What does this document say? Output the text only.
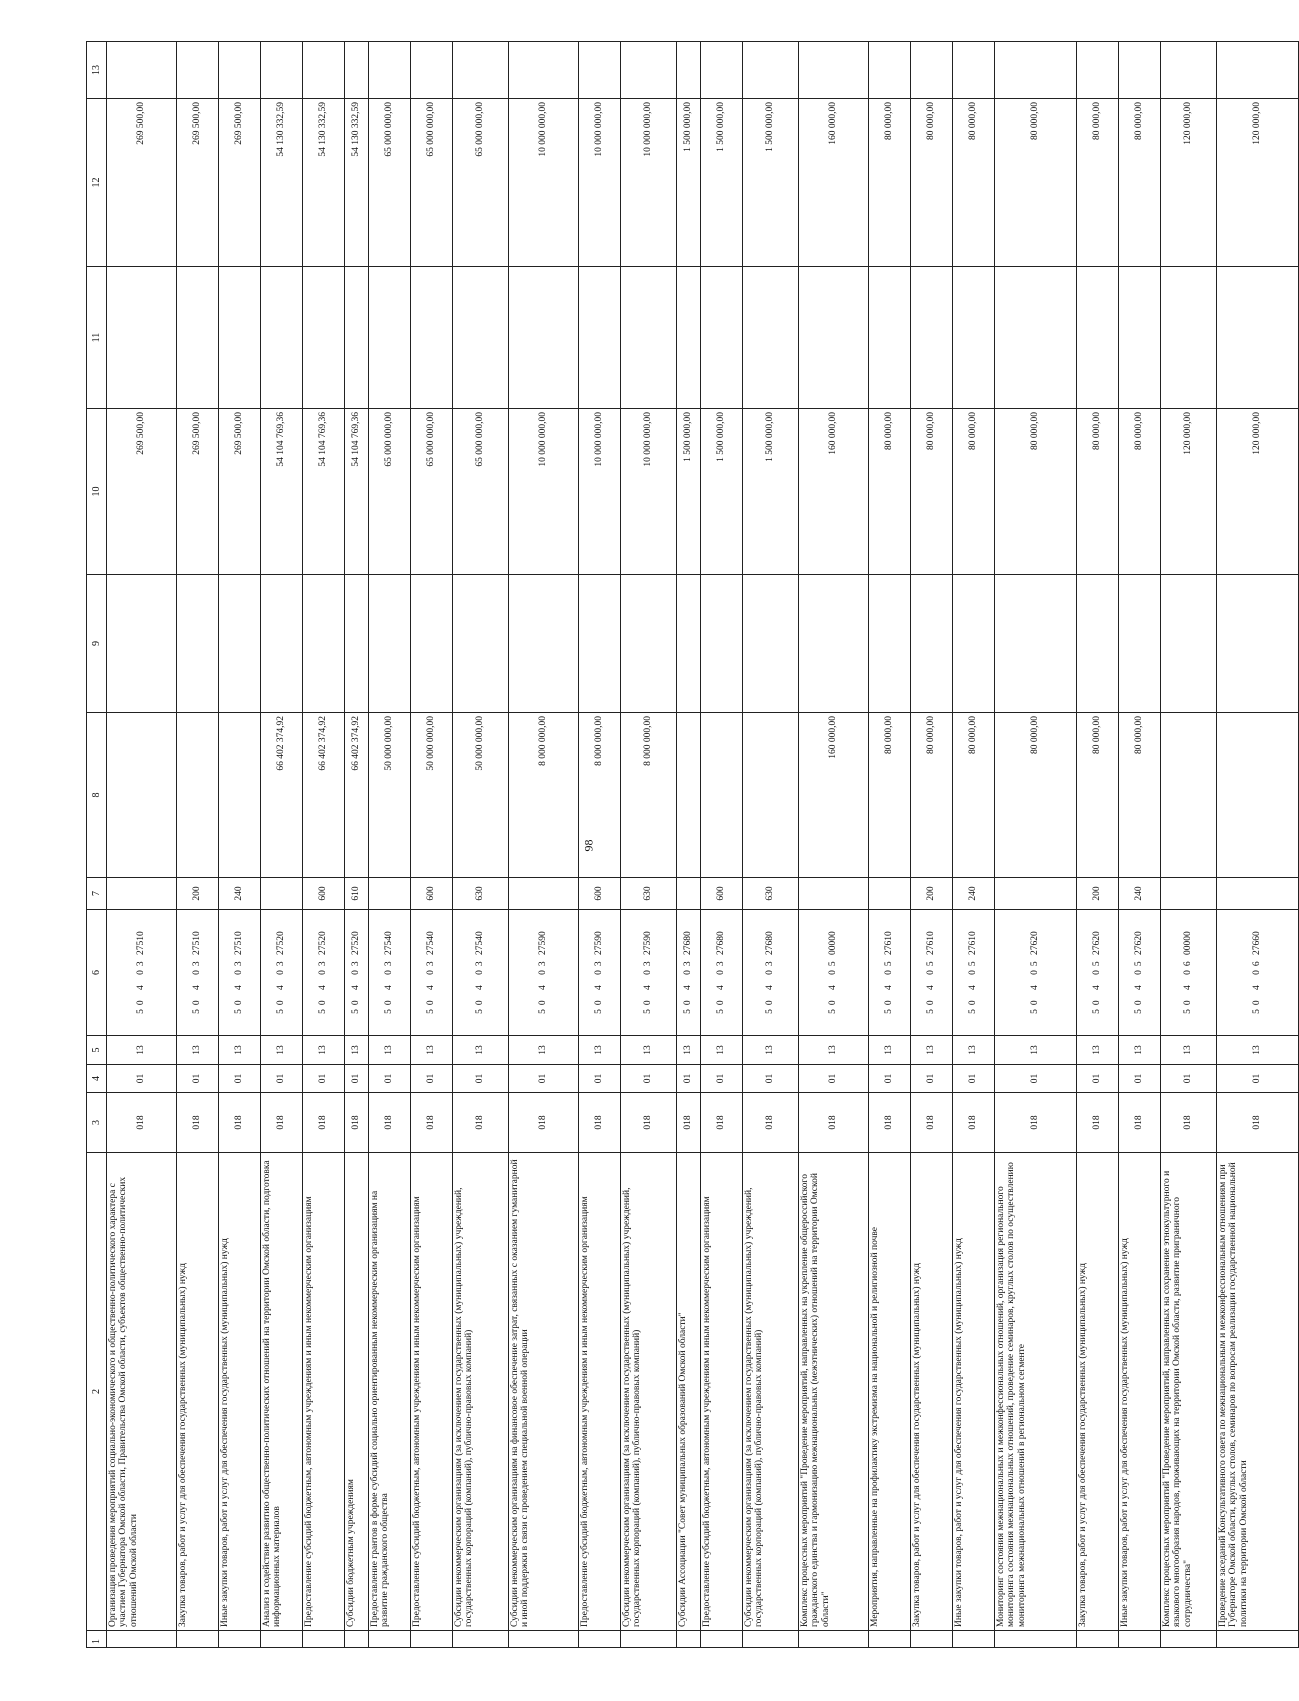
98
1	2	3	4	5	6	7	8	9	10	11	12	13
	Организация проведения мероприятий социально-экономического и общественно-политического характера с участием Губернатора Омской области, Правительства Омской области, субъектов общественно-политических отношений Омской области	018	01	13	50 4 03 27510				269 500,00		269 500,00	
	Закупка товаров, работ и услуг для обеспечения государственных (муниципальных) нужд	018	01	13	50 4 03 27510	200			269 500,00		269 500,00	
	Иные закупки товаров, работ и услуг для обеспечения государственных (муниципальных) нужд	018	01	13	50 4 03 27510	240			269 500,00		269 500,00	
	Анализ и содействие развитию общественно-политических отношений на территории Омской области, подготовка информационных материалов	018	01	13	50 4 03 27520		66 402 374,92		54 104 769,36		54 130 332,59	
	Предоставление субсидий бюджетным, автономным учреждениям и иным некоммерческим организациям	018	01	13	50 4 03 27520	600	66 402 374,92		54 104 769,36		54 130 332,59	
	Субсидии бюджетным учреждениям	018	01	13	50 4 03 27520	610	66 402 374,92		54 104 769,36		54 130 332,59	
	Предоставление грантов в форме субсидий социально ориентированным некоммерческим организациям на развитие гражданского общества	018	01	13	50 4 03 27540		50 000 000,00		65 000 000,00		65 000 000,00	
	Предоставление субсидий бюджетным, автономным учреждениям и иным некоммерческим организациям	018	01	13	50 4 03 27540	600	50 000 000,00		65 000 000,00		65 000 000,00	
	Субсидии некоммерческим организациям (за исключением государственных (муниципальных) учреждений, государственных корпораций (компаний), публично-правовых компаний)	018	01	13	50 4 03 27540	630	50 000 000,00		65 000 000,00		65 000 000,00	
	Субсидии некоммерческим организациям на финансовое обеспечение затрат, связанных с оказанием гуманитарной и иной поддержки в связи с проведением специальной военной операции	018	01	13	50 4 03 27590		8 000 000,00		10 000 000,00		10 000 000,00	
	Предоставление субсидий бюджетным, автономным учреждениям и иным некоммерческим организациям	018	01	13	50 4 03 27590	600	8 000 000,00		10 000 000,00		10 000 000,00	
	Субсидии некоммерческим организациям (за исключением государственных (муниципальных) учреждений, государственных корпораций (компаний), публично-правовых компаний)	018	01	13	50 4 03 27590	630	8 000 000,00		10 000 000,00		10 000 000,00	
	Субсидии Ассоциации "Совет муниципальных образований Омской области"	018	01	13	50 4 03 27680				1 500 000,00		1 500 000,00	
	Предоставление субсидий бюджетным, автономным учреждениям и иным некоммерческим организациям	018	01	13	50 4 03 27680	600			1 500 000,00		1 500 000,00	
	Субсидии некоммерческим организациям (за исключением государственных (муниципальных) учреждений, государственных корпораций (компаний), публично-правовых компаний)	018	01	13	50 4 03 27680	630			1 500 000,00		1 500 000,00	
	Комплекс процессных мероприятий "Проведение мероприятий, направленных на укрепление общероссийского гражданского единства и гармонизацию межнациональных (межэтнических) отношений на территории Омской области"	018	01	13	50 4 05 00000		160 000,00		160 000,00		160 000,00	
	Мероприятия, направленные на профилактику экстремизма на национальной и религиозной почве	018	01	13	50 4 05 27610		80 000,00		80 000,00		80 000,00	
	Закупка товаров, работ и услуг для обеспечения государственных (муниципальных) нужд	018	01	13	50 4 05 27610	200	80 000,00		80 000,00		80 000,00	
	Иные закупки товаров, работ и услуг для обеспечения государственных (муниципальных) нужд	018	01	13	50 4 05 27610	240	80 000,00		80 000,00		80 000,00	
	Мониторинг состояния межнациональных и межконфессиональных отношений, организация регионального мониторинга состояния межнациональных отношений, проведение семинаров, круглых столов по осуществлению мониторинга межнациональных отношений в региональном сегменте	018	01	13	50 4 05 27620		80 000,00		80 000,00		80 000,00	
	Закупка товаров, работ и услуг для обеспечения государственных (муниципальных) нужд	018	01	13	50 4 05 27620	200	80 000,00		80 000,00		80 000,00	
	Иные закупки товаров, работ и услуг для обеспечения государственных (муниципальных) нужд	018	01	13	50 4 05 27620	240	80 000,00		80 000,00		80 000,00	
	Комплекс процессных мероприятий "Проведение мероприятий, направленных на сохранение этнокультурного и языкового многообразия народов, проживающих на территории Омской области, развитие приграничного сотрудничества"	018	01	13	50 4 06 00000				120 000,00		120 000,00	
	Проведение заседаний Консультативного совета по межнациональным и межконфессиональным отношениям при Губернаторе Омской области, круглых столов, семинаров по вопросам реализации государственной национальной политики на территории Омской области	018	01	13	50 4 06 27660				120 000,00		120 000,00	
